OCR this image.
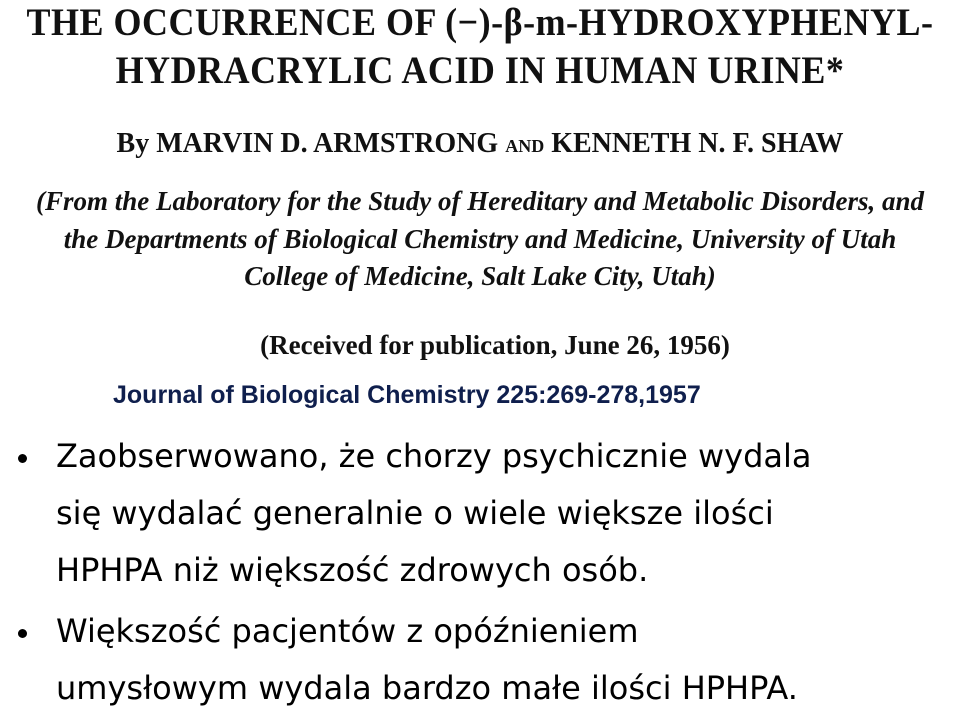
THE OCCURRENCE OF (−)-β-m-HYDROXYPHENYL-
HYDRACRYLIC ACID IN HUMAN URINE*
By MARVIN D. ARMSTRONG AND KENNETH N. F. SHAW
(From the Laboratory for the Study of Hereditary and Metabolic Disorders, and
the Departments of Biological Chemistry and Medicine, University of Utah
College of Medicine, Salt Lake City, Utah)
(Received for publication, June 26, 1956)
Journal of Biological Chemistry 225:269-278,1957

Zaobserwowano, że chorzy psychicznie wydala

się wydalać generalnie o wiele większe ilości

HPHPA niż większość zdrowych osób.

Większość pacjentów z opóźnieniem

umysłowym wydala bardzo małe ilości HPHPA.
